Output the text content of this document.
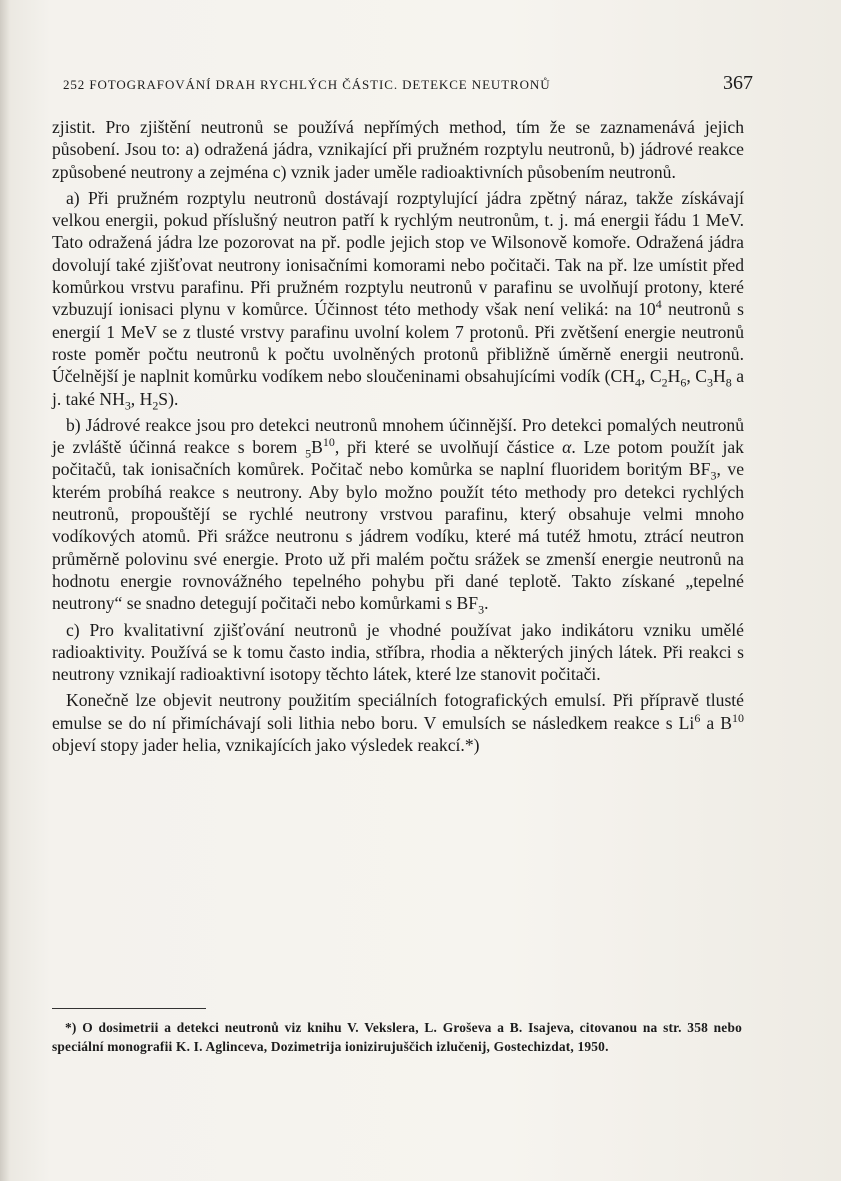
252 FOTOGRAFOVÁNÍ DRAH RYCHLÝCH ČÁSTIC. DETEKCE NEUTRONŮ	367

zjistit. Pro zjištění neutronů se používá nepřímých method, tím že se zaznamenává jejich působení. Jsou to: a) odražená jádra, vznikající při pružném rozptylu neutronů, b) jádrové reakce způsobené neutrony a zejména c) vznik jader uměle radioaktivních působením neutronů.

a) Při pružném rozptylu neutronů dostávají rozptylující jádra zpětný náraz, takže získávají velkou energii, pokud příslušný neutron patří k rychlým neutronům, t. j. má energii řádu 1 MeV. Tato odražená jádra lze pozorovat na př. podle jejich stop ve Wilsonově komoře. Odražená jádra dovolují také zjišťovat neutrony ionisačními komorami nebo počitači. Tak na př. lze umístit před komůrkou vrstvu parafinu. Při pružném rozptylu neutronů v parafinu se uvolňují protony, které vzbuzují ionisaci plynu v komůrce. Účinnost této methody však není veliká: na $10^4$ neutronů s energií 1 MeV se z tlusté vrstvy parafinu uvolní kolem 7 protonů. Při zvětšení energie neutronů roste poměr počtu neutronů k počtu uvolněných protonů přibližně úměrně energii neutronů. Účelnější je naplnit komůrku vodíkem nebo sloučeninami obsahujícími vodík ($CH_4$, $C_2H_6$, $C_3H_8$ a j. také $NH_3$, $H_2S$).

b) Jádrové reakce jsou pro detekci neutronů mnohem účinnější. Pro detekci pomalých neutronů je zvláště účinná reakce s borem $_5B^{10}$, při které se uvolňují částice α. Lze potom použít jak počitačů, tak ionisačních komůrek. Počitač nebo komůrka se naplní fluoridem boritým $BF_3$, ve kterém probíhá reakce s neutrony. Aby bylo možno použít této methody pro detekci rychlých neutronů, propouštějí se rychlé neutrony vrstvou parafinu, který obsahuje velmi mnoho vodíkových atomů. Při srážce neutronu s jádrem vodíku, které má tutéž hmotu, ztrácí neutron průměrně polovinu své energie. Proto už při malém počtu srážek se zmenší energie neutronů na hodnotu energie rovnovážného tepelného pohybu při dané teplotě. Takto získané „tepelné neutrony“ se snadno detegují počitači nebo komůrkami s $BF_3$.

c) Pro kvalitativní zjišťování neutronů je vhodné používat jako indikátoru vzniku umělé radioaktivity. Používá se k tomu často india, stříbra, rhodia a některých jiných látek. Při reakci s neutrony vznikají radioaktivní isotopy těchto látek, které lze stanovit počitači.

Konečně lze objevit neutrony použitím speciálních fotografických emulsí. Při přípravě tlusté emulse se do ní přimíchávají soli lithia nebo boru. V emulsích se následkem reakce s Li$^6$ a $B^{10}$ objeví stopy jader helia, vznikajících jako výsledek reakcí.*)

*) O dosimetrii a detekci neutronů viz knihu V. Vekslera, L. Groševa a B. Isajeva, citovanou na str. 358 nebo speciální monografii K. I. Aglinceva, Dozimetrija ionizirujuščich izlučenij, Gostechizdat, 1950.
